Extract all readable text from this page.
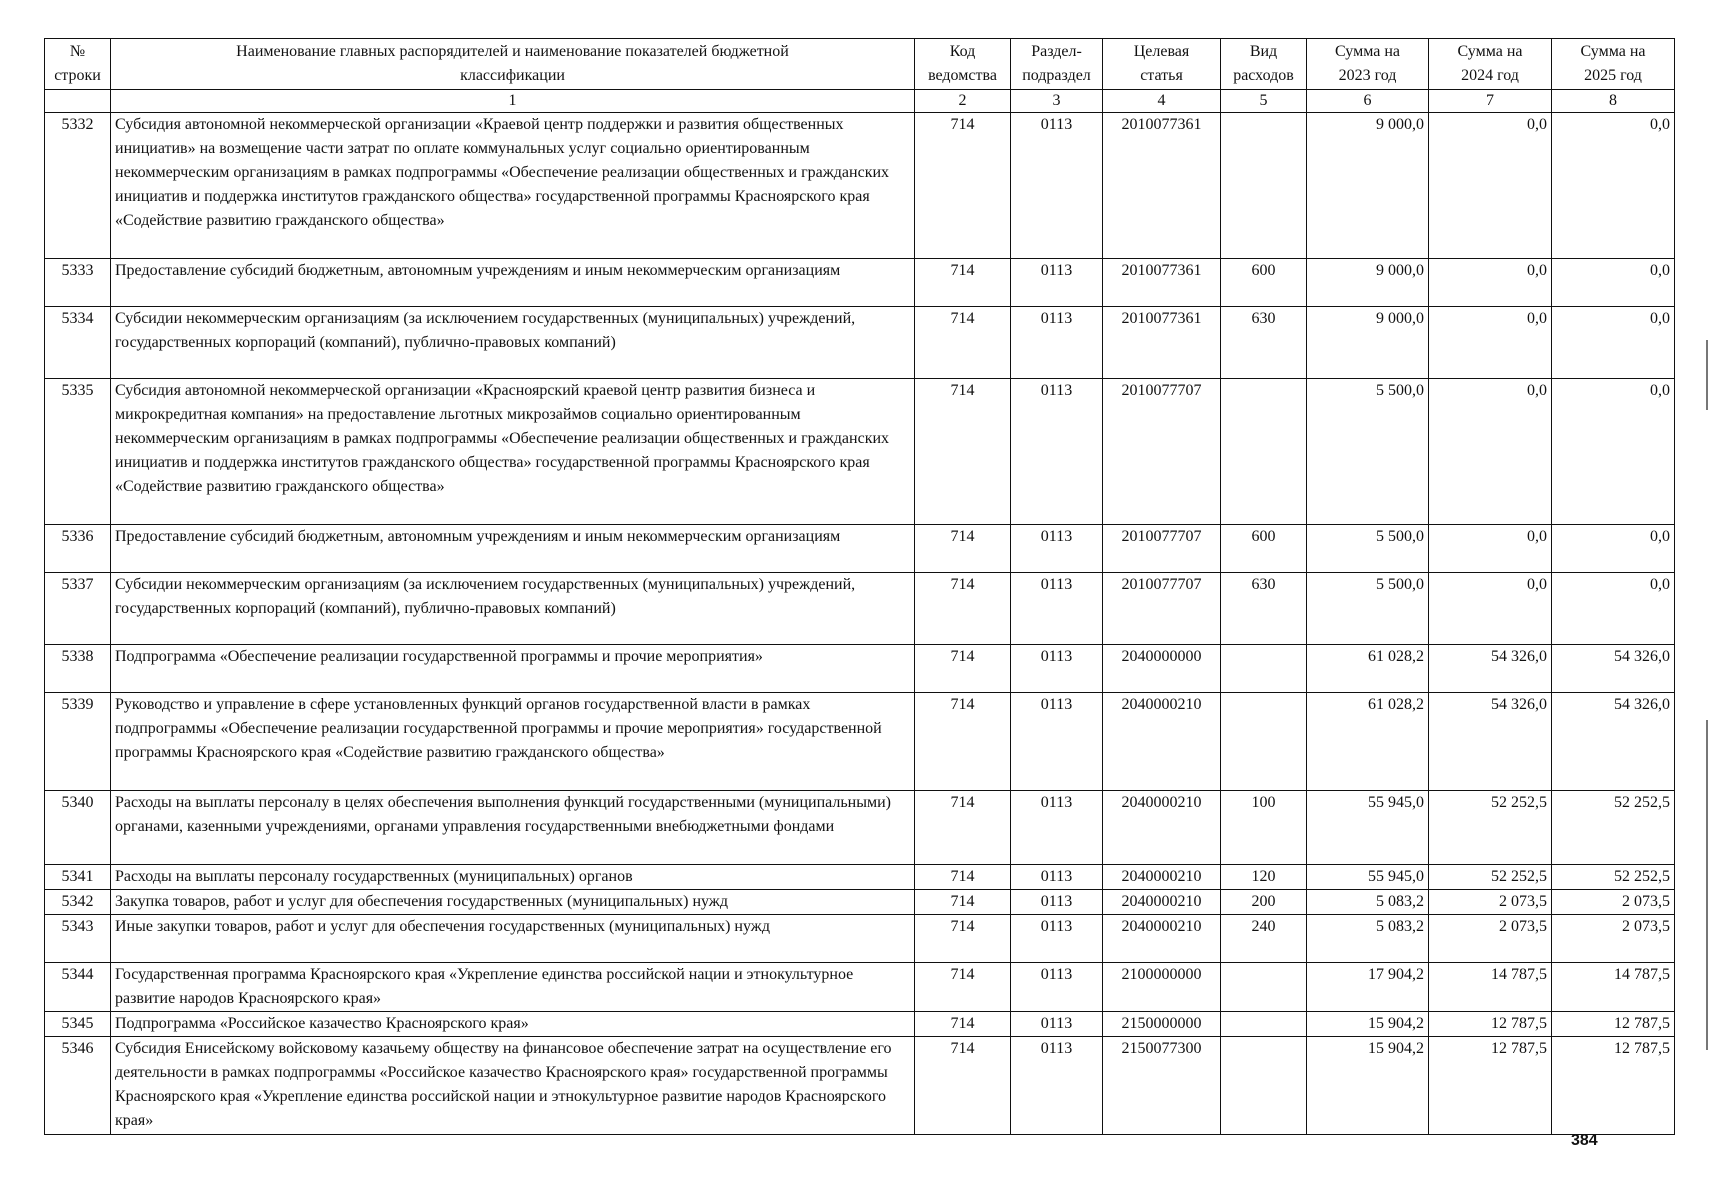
№ строки	Наименование главных распорядителей и наименование показателей бюджетной классификации	Код ведомства	Раздел-подраздел	Целевая статья	Вид расходов	Сумма на 2023 год	Сумма на 2024 год	Сумма на 2025 год
	1	2	3	4	5	6	7	8
5332	Субсидия автономной некоммерческой организации «Краевой центр поддержки и развития общественных инициатив» на возмещение части затрат по оплате коммунальных услуг социально ориентированным некоммерческим организациям в рамках подпрограммы «Обеспечение реализации общественных и гражданских инициатив и поддержка институтов гражданского общества» государственной программы Красноярского края «Содействие развитию гражданского общества»	714	0113	2010077361		9 000,0	0,0	0,0
5333	Предоставление субсидий бюджетным, автономным учреждениям и иным некоммерческим организациям	714	0113	2010077361	600	9 000,0	0,0	0,0
5334	Субсидии некоммерческим организациям (за исключением государственных (муниципальных) учреждений, государственных корпораций (компаний), публично-правовых компаний)	714	0113	2010077361	630	9 000,0	0,0	0,0
5335	Субсидия автономной некоммерческой организации «Красноярский краевой центр развития бизнеса и микрокредитная компания» на предоставление льготных микрозаймов социально ориентированным некоммерческим организациям в рамках подпрограммы «Обеспечение реализации общественных и гражданских инициатив и поддержка институтов гражданского общества» государственной программы Красноярского края «Содействие развитию гражданского общества»	714	0113	2010077707		5 500,0	0,0	0,0
5336	Предоставление субсидий бюджетным, автономным учреждениям и иным некоммерческим организациям	714	0113	2010077707	600	5 500,0	0,0	0,0
5337	Субсидии некоммерческим организациям (за исключением государственных (муниципальных) учреждений, государственных корпораций (компаний), публично-правовых компаний)	714	0113	2010077707	630	5 500,0	0,0	0,0
5338	Подпрограмма «Обеспечение реализации государственной программы и прочие мероприятия»	714	0113	2040000000		61 028,2	54 326,0	54 326,0
5339	Руководство и управление в сфере установленных функций органов государственной власти в рамках подпрограммы «Обеспечение реализации государственной программы и прочие мероприятия» государственной программы Красноярского края «Содействие развитию гражданского общества»	714	0113	2040000210		61 028,2	54 326,0	54 326,0
5340	Расходы на выплаты персоналу в целях обеспечения выполнения функций государственными (муниципальными) органами, казенными учреждениями, органами управления государственными внебюджетными фондами	714	0113	2040000210	100	55 945,0	52 252,5	52 252,5
5341	Расходы на выплаты персоналу государственных (муниципальных) органов	714	0113	2040000210	120	55 945,0	52 252,5	52 252,5
5342	Закупка товаров, работ и услуг для обеспечения государственных (муниципальных) нужд	714	0113	2040000210	200	5 083,2	2 073,5	2 073,5
5343	Иные закупки товаров, работ и услуг для обеспечения государственных (муниципальных) нужд	714	0113	2040000210	240	5 083,2	2 073,5	2 073,5
5344	Государственная программа Красноярского края «Укрепление единства российской нации и этнокультурное развитие народов Красноярского края»	714	0113	2100000000		17 904,2	14 787,5	14 787,5
5345	Подпрограмма «Российское казачество Красноярского края»	714	0113	2150000000		15 904,2	12 787,5	12 787,5
5346	Субсидия Енисейскому войсковому казачьему обществу на финансовое обеспечение затрат на осуществление его деятельности в рамках подпрограммы «Российское казачество Красноярского края» государственной программы Красноярского края «Укрепление единства российской нации и этнокультурное развитие народов Красноярского края»	714	0113	2150077300		15 904,2	12 787,5	12 787,5
384
